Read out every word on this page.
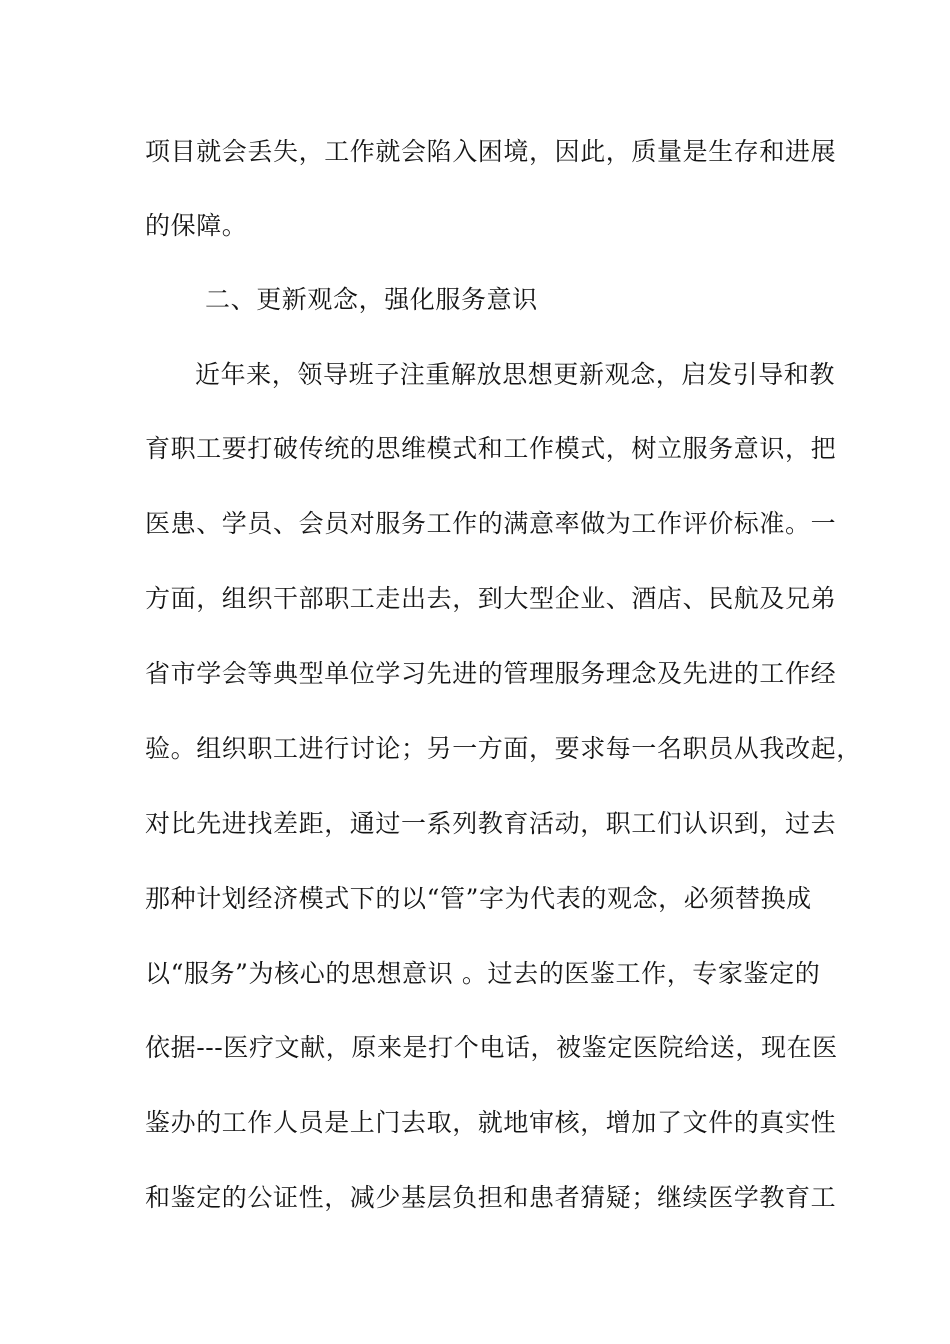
项目就会丢失，工作就会陷入困境，因此，质量是生存和进展
的保障。
二、更新观念，强化服务意识
近年来，领导班子注重解放思想更新观念，启发引导和教
育职工要打破传统的思维模式和工作模式，树立服务意识，把
医患、学员、会员对服务工作的满意率做为工作评价标准。一
方面，组织干部职工走出去，到大型企业、酒店、民航及兄弟
省市学会等典型单位学习先进的管理服务理念及先进的工作经
验。组织职工进行讨论；另一方面，要求每一名职员从我改起，
对比先进找差距，通过一系列教育活动，职工们认识到，过去
那种计划经济模式下的以“管”字为代表的观念，必须替换成
以“服务”为核心的思想意识 。过去的医鉴工作，专家鉴定的
依据---医疗文献，原来是打个电话，被鉴定医院给送，现在医
鉴办的工作人员是上门去取，就地审核，增加了文件的真实性
和鉴定的公证性，减少基层负担和患者猜疑；继续医学教育工
